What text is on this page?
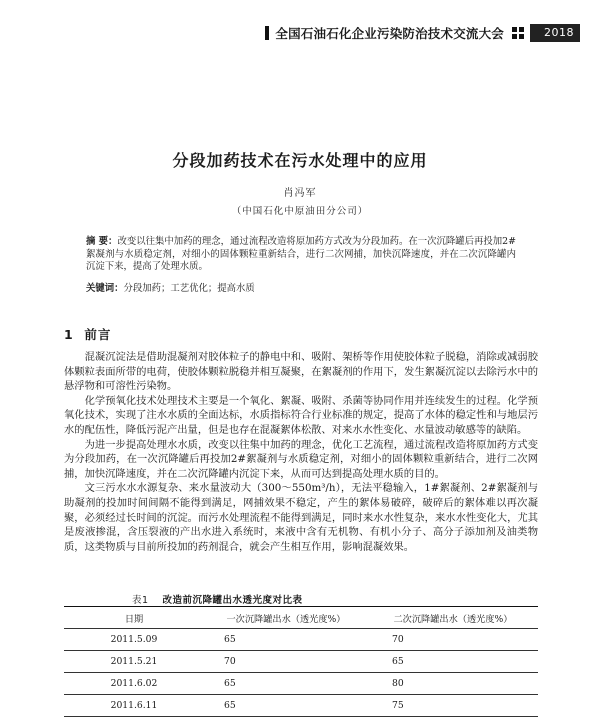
全国石油石化企业污染防治技术交流大会	2018
分段加药技术在污水处理中的应用
肖冯军
（中国石化中原油田分公司）
摘 要：改变以往集中加药的理念，通过流程改造将原加药方式改为分段加药。在一次沉降罐后再投加2#絮凝剂与水质稳定剂，对细小的固体颗粒重新结合，进行二次网捕，加快沉降速度，并在二次沉降罐内沉淀下来，提高了处理水质。
关键词：分段加药；工艺优化；提高水质
1 前言

混凝沉淀法是借助混凝剂对胶体粒子的静电中和、吸附、架桥等作用使胶体粒子脱稳，消除或减弱胶体颗粒表面所带的电荷，使胶体颗粒脱稳并相互凝聚，在絮凝剂的作用下，发生絮凝沉淀以去除污水中的悬浮物和可溶性污染物。

化学预氧化技术处理技术主要是一个氧化、絮凝、吸附、杀菌等协同作用并连续发生的过程。化学预氧化技术，实现了注水水质的全面达标，水质指标符合行业标准的规定，提高了水体的稳定性和与地层污水的配伍性，降低污泥产出量，但是也存在混凝絮体松散、对来水水性变化、水量波动敏感等的缺陷。

为进一步提高处理水水质，改变以往集中加药的理念，优化工艺流程，通过流程改造将原加药方式变为分段加药，在一次沉降罐后再投加2#絮凝剂与水质稳定剂，对细小的固体颗粒重新结合，进行二次网捕，加快沉降速度，并在二次沉降罐内沉淀下来，从而可达到提高处理水质的目的。

文三污水水水源复杂、来水量波动大（300～550m³/h），无法平稳输入，1#絮凝剂、2#絮凝剂与助凝剂的投加时间间隔不能得到满足，网捕效果不稳定，产生的絮体易破碎，破碎后的絮体难以再次凝聚，必须经过长时间的沉淀。而污水处理流程不能得到满足，同时来水水性复杂，来水水性变化大，尤其是废液掺混，含压裂液的产出水进入系统时，来液中含有无机物、有机小分子、高分子添加剂及油类物质，这类物质与目前所投加的药剂混合，就会产生相互作用，影响混凝效果。

表1 改造前沉降罐出水透光度对比表
日期	一次沉降罐出水（透光度%）	二次沉降罐出水（透光度%）
2011.5.09	65	70
2011.5.21	70	65
2011.6.02	65	80
2011.6.11	65	75
